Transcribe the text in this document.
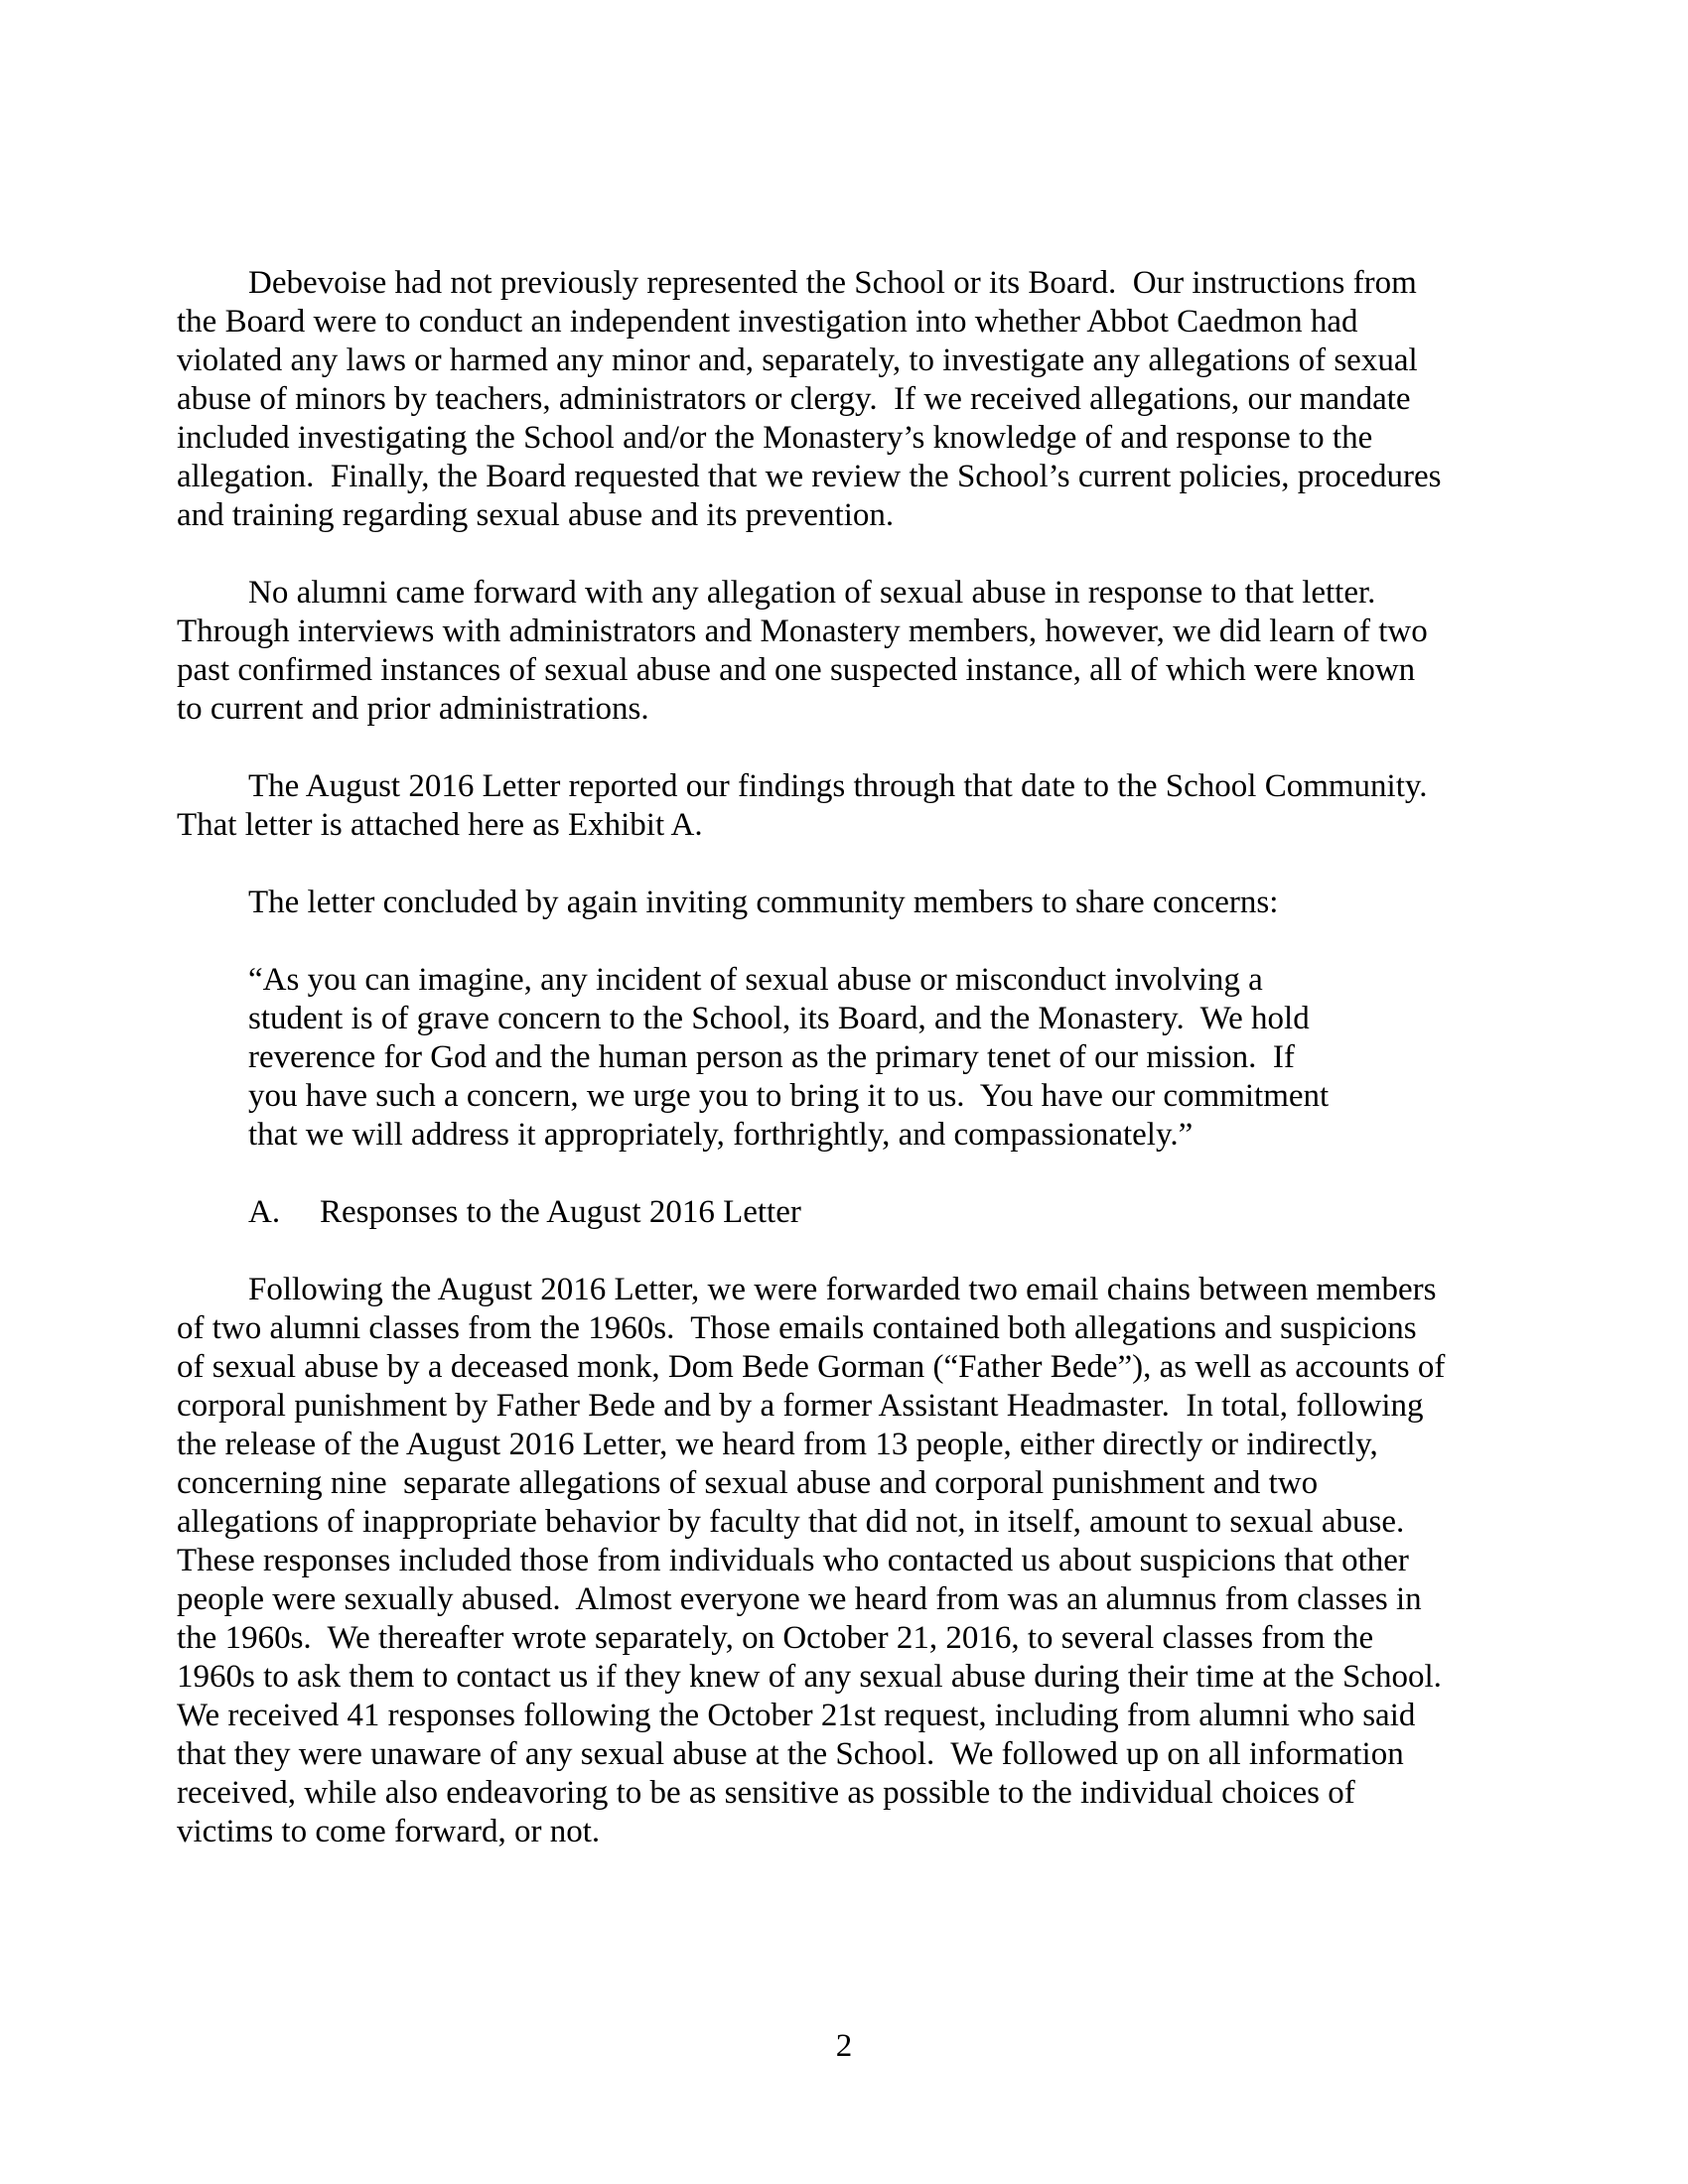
Debevoise had not previously represented the School or its Board.  Our instructions from the Board were to conduct an independent investigation into whether Abbot Caedmon had violated any laws or harmed any minor and, separately, to investigate any allegations of sexual abuse of minors by teachers, administrators or clergy.  If we received allegations, our mandate included investigating the School and/or the Monastery’s knowledge of and response to the allegation.  Finally, the Board requested that we review the School’s current policies, procedures and training regarding sexual abuse and its prevention.

No alumni came forward with any allegation of sexual abuse in response to that letter.  Through interviews with administrators and Monastery members, however, we did learn of two past confirmed instances of sexual abuse and one suspected instance, all of which were known to current and prior administrations.

The August 2016 Letter reported our findings through that date to the School Community.  That letter is attached here as Exhibit A.

The letter concluded by again inviting community members to share concerns:

“As you can imagine, any incident of sexual abuse or misconduct involving a student is of grave concern to the School, its Board, and the Monastery.  We hold reverence for God and the human person as the primary tenet of our mission.  If you have such a concern, we urge you to bring it to us.  You have our commitment that we will address it appropriately, forthrightly, and compassionately.”

A. Responses to the August 2016 Letter

Following the August 2016 Letter, we were forwarded two email chains between members of two alumni classes from the 1960s.  Those emails contained both allegations and suspicions of sexual abuse by a deceased monk, Dom Bede Gorman (“Father Bede”), as well as accounts of corporal punishment by Father Bede and by a former Assistant Headmaster.  In total, following the release of the August 2016 Letter, we heard from 13 people, either directly or indirectly, concerning nine  separate allegations of sexual abuse and corporal punishment and two  allegations of inappropriate behavior by faculty that did not, in itself, amount to sexual abuse.  These responses included those from individuals who contacted us about suspicions that other people were sexually abused.  Almost everyone we heard from was an alumnus from classes in the 1960s.  We thereafter wrote separately, on October 21, 2016, to several classes from the 1960s to ask them to contact us if they knew of any sexual abuse during their time at the School.  We received 41 responses following the October 21st request, including from alumni who said that they were unaware of any sexual abuse at the School.  We followed up on all information received, while also endeavoring to be as sensitive as possible to the individual choices of victims to come forward, or not.

2
